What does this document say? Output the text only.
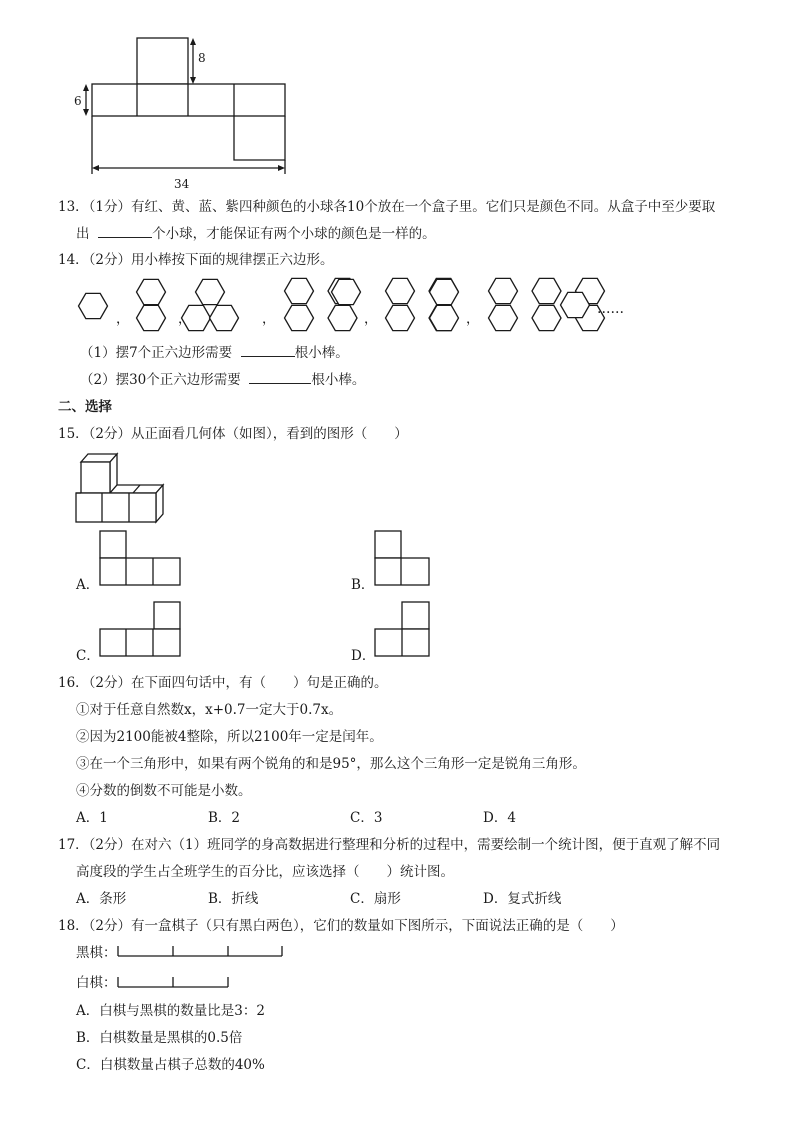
8
6
34
13．（1分）有红、黄、蓝、紫四种颜色的小球各10个放在一个盒子里。它们只是颜色不同。从盒子中至少要取
出	个小球，才能保证有两个小球的颜色是一样的。
14．（2分）用小棒按下面的规律摆正六边形。
，	，	，	，	，
……
（1）摆7个正六边形需要	根小棒。
（2）摆30个正六边形需要	根小棒。
二、选择
15．（2分）从正面看几何体（如图），看到的图形（　　）
A．	B．
C．	D．
16．（2分）在下面四句话中，有（　　）句是正确的。
①对于任意自然数x，x+0.7一定大于0.7x。
②因为2100能被4整除，所以2100年一定是闰年。
③在一个三角形中，如果有两个锐角的和是95°，那么这个三角形一定是锐角三角形。
④分数的倒数不可能是小数。
A．1	B．2	C．3	D．4
17．（2分）在对六（1）班同学的身高数据进行整理和分析的过程中，需要绘制一个统计图，便于直观了解不同
高度段的学生占全班学生的百分比，应该选择（　　）统计图。
A．条形	B．折线	C．扇形	D．复式折线
18．（2分）有一盒棋子（只有黑白两色），它们的数量如下图所示，下面说法正确的是（　　）
黑棋：
白棋：
A．白棋与黑棋的数量比是3：2
B．白棋数量是黑棋的0.5倍
C．白棋数量占棋子总数的40%
